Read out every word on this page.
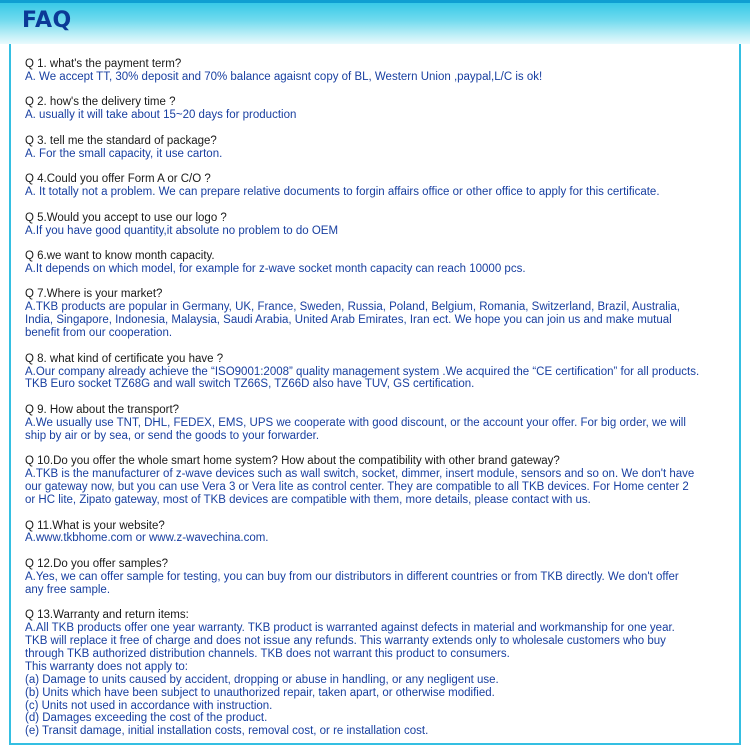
FAQ
Q 1. what's the payment term?
A. We accept TT, 30% deposit and 70% balance agaisnt copy of BL, Western Union ,paypal,L/C is ok!
Q 2. how's the delivery time ?
A. usually it will take about 15~20 days for production
Q 3. tell me the standard of package?
A. For the small capacity, it use carton.
Q 4.Could you offer Form A or C/O ?
A. It totally not a problem. We can prepare relative documents to forgin affairs office or other office to apply for this certificate.
Q 5.Would you accept to use our logo ?
A.If you have good quantity,it absolute no problem to do OEM
Q 6.we want to know month capacity.
A.It depends on which model, for example for z-wave socket month capacity can reach 10000 pcs.
Q 7.Where is your market?
A.TKB products are popular in Germany, UK, France, Sweden, Russia, Poland, Belgium, Romania, Switzerland, Brazil, Australia,
India, Singapore, Indonesia, Malaysia, Saudi Arabia, United Arab Emirates, Iran ect. We hope you can join us and make mutual
benefit from our cooperation.
Q 8. what kind of certificate you have ?
A.Our company already achieve the “ISO9001:2008” quality management system .We acquired the “CE certification” for all products.
TKB Euro socket TZ68G and wall switch TZ66S, TZ66D also have TUV, GS certification.
Q 9. How about the transport?
A.We usually use TNT, DHL, FEDEX, EMS, UPS we cooperate with good discount, or the account your offer. For big order, we will
ship by air or by sea, or send the goods to your forwarder.
Q 10.Do you offer the whole smart home system? How about the compatibility with other brand gateway?
A.TKB is the manufacturer of z-wave devices such as wall switch, socket, dimmer, insert module, sensors and so on. We don't have
our gateway now, but you can use Vera 3 or Vera lite as control center. They are compatible to all TKB devices. For Home center 2
or HC lite, Zipato gateway, most of TKB devices are compatible with them, more details, please contact with us.
Q 11.What is your website?
A.www.tkbhome.com or www.z-wavechina.com.
Q 12.Do you offer samples?
A.Yes, we can offer sample for testing, you can buy from our distributors in different countries or from TKB directly. We don't offer
any free sample.
Q 13.Warranty and return items:
A.All TKB products offer one year warranty. TKB product is warranted against defects in material and workmanship for one year.
TKB will replace it free of charge and does not issue any refunds. This warranty extends only to wholesale customers who buy
through TKB authorized distribution channels. TKB does not warrant this product to consumers.
This warranty does not apply to:
(a) Damage to units caused by accident, dropping or abuse in handling, or any negligent use.
(b) Units which have been subject to unauthorized repair, taken apart, or otherwise modified.
(c) Units not used in accordance with instruction.
(d) Damages exceeding the cost of the product.
(e) Transit damage, initial installation costs, removal cost, or re installation cost.
